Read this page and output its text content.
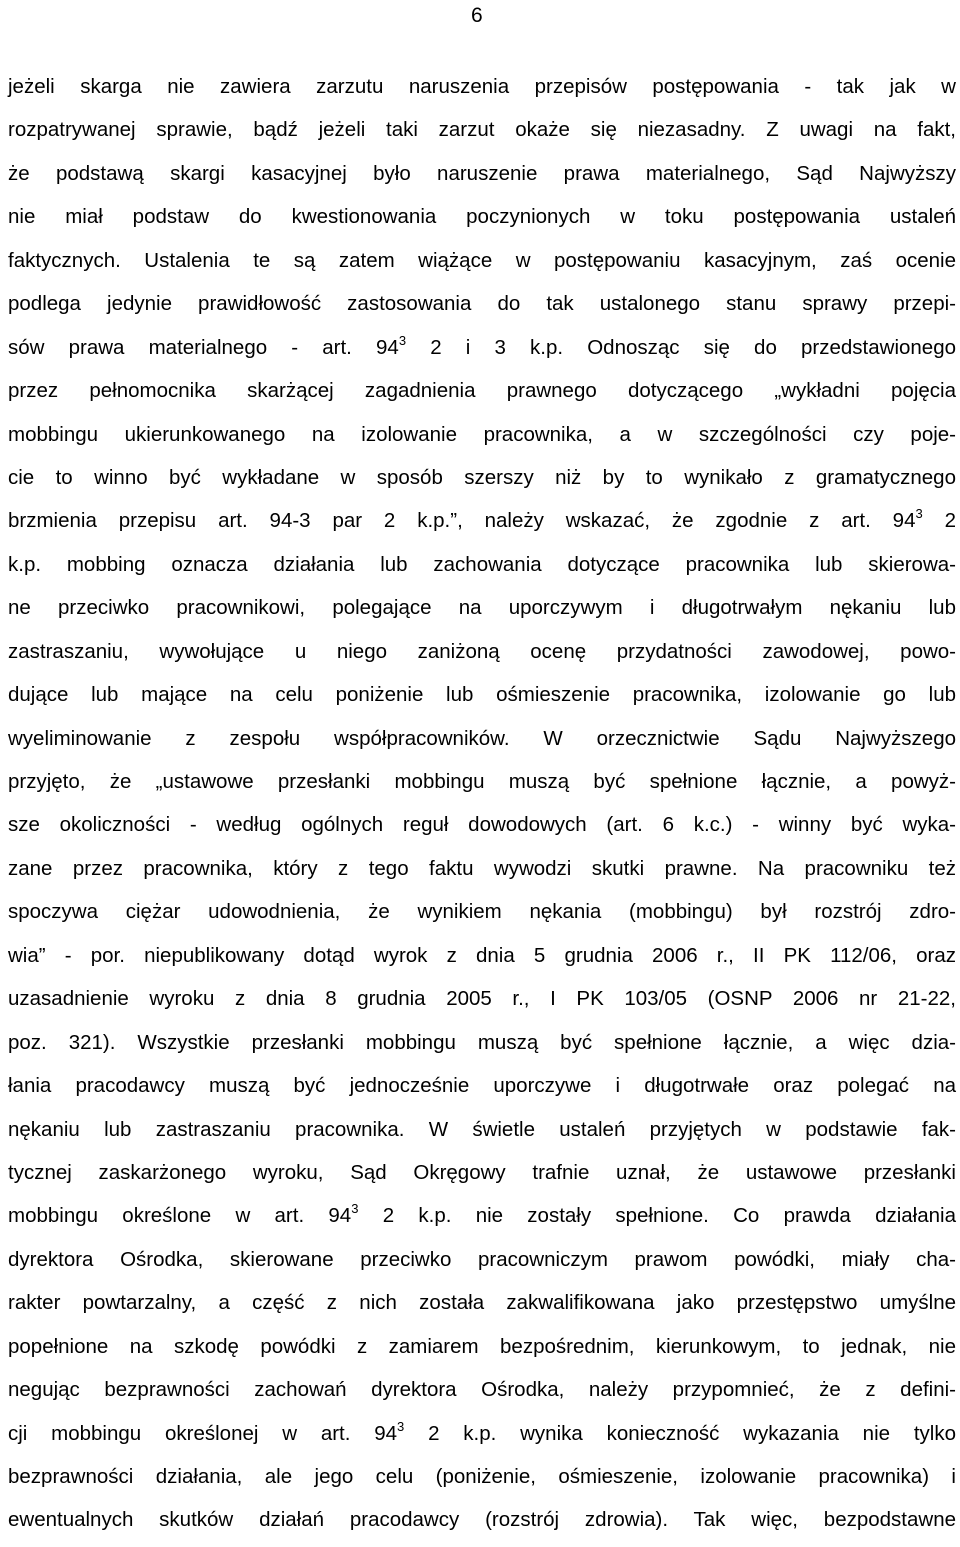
6
jeżeli skarga nie zawiera zarzutu naruszenia przepisów postępowania - tak jak w
rozpatrywanej sprawie, bądź jeżeli taki zarzut okaże się niezasadny. Z uwagi na fakt,
że podstawą skargi kasacyjnej było naruszenie prawa materialnego, Sąd Najwyższy
nie miał podstaw do kwestionowania poczynionych w toku postępowania ustaleń
faktycznych. Ustalenia te są zatem wiążące w postępowaniu kasacyjnym, zaś ocenie
podlega jedynie prawidłowość zastosowania do tak ustalonego stanu sprawy przepi-
sów prawa materialnego - art. $94^3$ 2 i 3 k.p. Odnosząc się do przedstawionego
przez pełnomocnika skarżącej zagadnienia prawnego dotyczącego „wykładni pojęcia
mobbingu ukierunkowanego na izolowanie pracownika, a w szczególności czy poje-
cie to winno być wykładane w sposób szerszy niż by to wynikało z gramatycznego
brzmienia przepisu art. 94-3 par 2 k.p.”, należy wskazać, że zgodnie z art. $94^3$ 2
k.p. mobbing oznacza działania lub zachowania dotyczące pracownika lub skierowa-
ne przeciwko pracownikowi, polegające na uporczywym i długotrwałym nękaniu lub
zastraszaniu, wywołujące u niego zaniżoną ocenę przydatności zawodowej, powo-
dujące lub mające na celu poniżenie lub ośmieszenie pracownika, izolowanie go lub
wyeliminowanie z zespołu współpracowników. W orzecznictwie Sądu Najwyższego
przyjęto, że „ustawowe przesłanki mobbingu muszą być spełnione łącznie, a powyż-
sze okoliczności - według ogólnych reguł dowodowych (art. 6 k.c.) - winny być wyka-
zane przez pracownika, który z tego faktu wywodzi skutki prawne. Na pracowniku też
spoczywa ciężar udowodnienia, że wynikiem nękania (mobbingu) był rozstrój zdro-
wia” - por. niepublikowany dotąd wyrok z dnia 5 grudnia 2006 r., II PK 112/06, oraz
uzasadnienie wyroku z dnia 8 grudnia 2005 r., I PK 103/05 (OSNP 2006 nr 21-22,
poz. 321). Wszystkie przesłanki mobbingu muszą być spełnione łącznie, a więc dzia-
łania pracodawcy muszą być jednocześnie uporczywe i długotrwałe oraz polegać na
nękaniu lub zastraszaniu pracownika. W świetle ustaleń przyjętych w podstawie fak-
tycznej zaskarżonego wyroku, Sąd Okręgowy trafnie uznał, że ustawowe przesłanki
mobbingu określone w art. $94^3$ 2 k.p. nie zostały spełnione. Co prawda działania
dyrektora Ośrodka, skierowane przeciwko pracowniczym prawom powódki, miały cha-
rakter powtarzalny, a część z nich została zakwalifikowana jako przestępstwo umyślne
popełnione na szkodę powódki z zamiarem bezpośrednim, kierunkowym, to jednak, nie
negując bezprawności zachowań dyrektora Ośrodka, należy przypomnieć, że z defini-
cji mobbingu określonej w art. $94^3$ 2 k.p. wynika konieczność wykazania nie tylko
bezprawności działania, ale jego celu (poniżenie, ośmieszenie, izolowanie pracownika) i
ewentualnych skutków działań pracodawcy (rozstrój zdrowia). Tak więc, bezpodstawne
